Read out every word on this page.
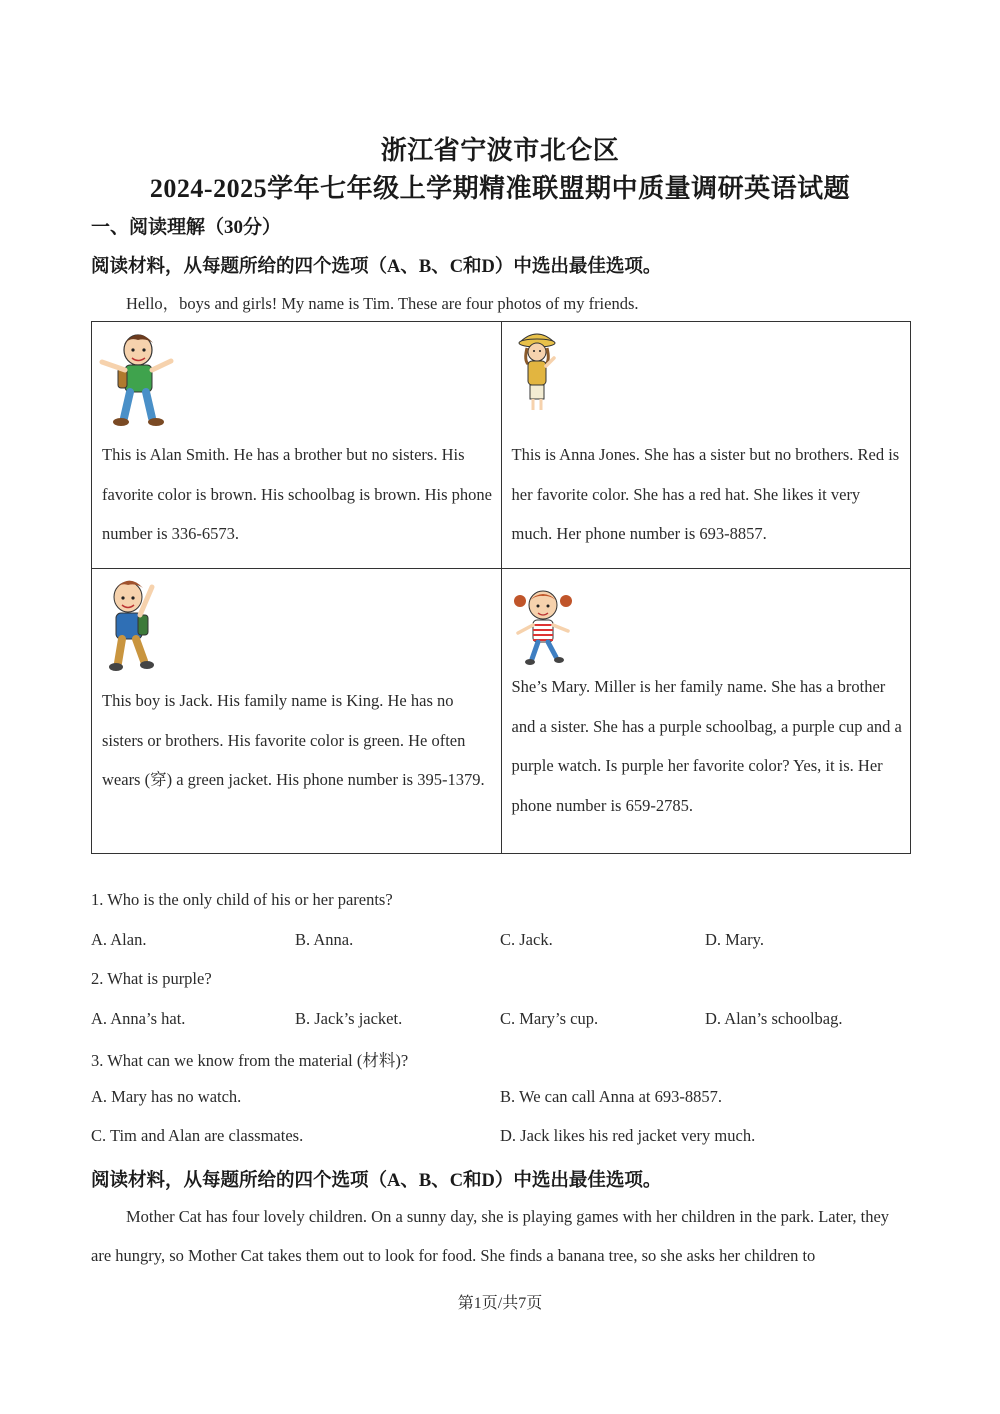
浙江省宁波市北仑区
2024-2025学年七年级上学期精准联盟期中质量调研英语试题
一、阅读理解（30分）
阅读材料，从每题所给的四个选项（A、B、C和D）中选出最佳选项。
Hello，boys and girls! My name is Tim. These are four photos of my friends.
This is Alan Smith. He has a brother but no sisters. His favorite color is brown. His schoolbag is brown. His phone number is 336-6573.	This is Anna Jones. She has a sister but no brothers. Red is her favorite color. She has a red hat. She likes it very much. Her phone number is 693-8857.

This boy is Jack. His family name is King. He has no sisters or brothers. His favorite color is green. He often wears (穿) a green jacket. His phone number is 395-1379.	She’s Mary. Miller is her family name. She has a brother and a sister. She has a purple schoolbag, a purple cup and a purple watch. Is purple her favorite color? Yes, it is. Her phone number is 659-2785.
1. Who is the only child of his or her parents?
A. Alan.	B. Anna.	C. Jack.	D. Mary.
2. What is purple?
A. Anna’s hat.	B. Jack’s jacket.	C. Mary’s cup.	D. Alan’s schoolbag.
3. What can we know from the material (材料)?
A. Mary has no watch.	B. We can call Anna at 693-8857.
C. Tim and Alan are classmates.	D. Jack likes his red jacket very much.
阅读材料，从每题所给的四个选项（A、B、C和D）中选出最佳选项。
Mother Cat has four lovely children. On a sunny day, she is playing games with her children in the park. Later, they are hungry, so Mother Cat takes them out to look for food. She finds a banana tree, so she asks her children to
第1页/共7页
